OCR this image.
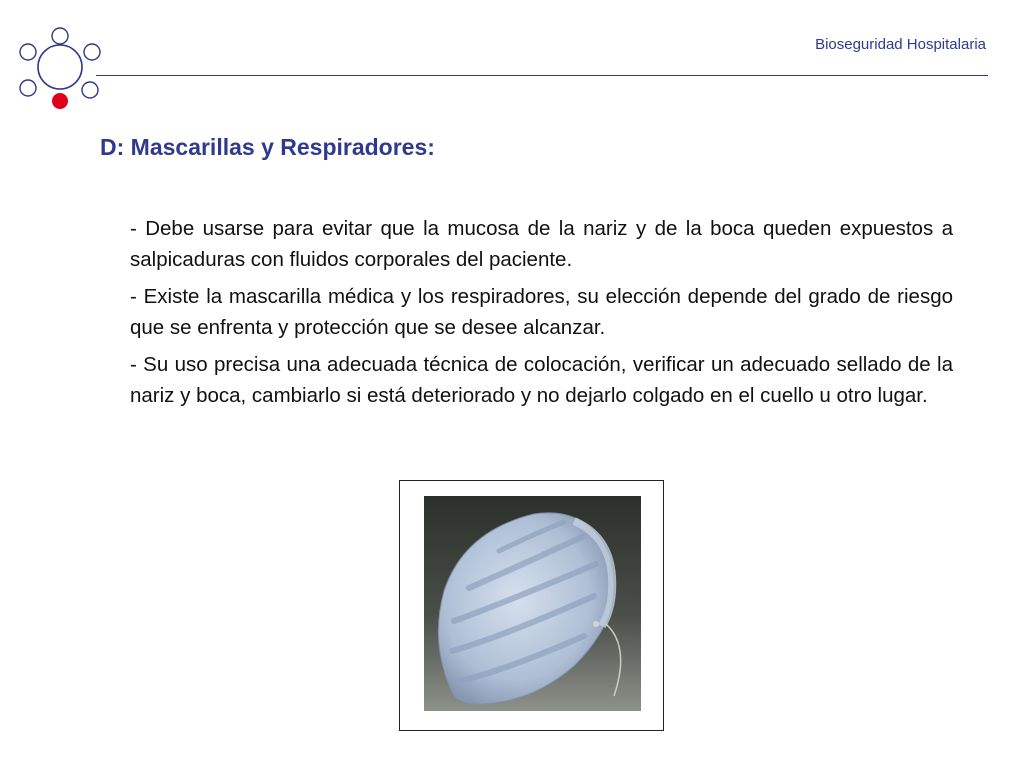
Bioseguridad Hospitalaria
D: Mascarillas y Respiradores:

- Debe usarse para evitar que la mucosa de la nariz y de la boca queden expuestos a salpicaduras con fluidos corporales del paciente.

- Existe la mascarilla médica y los respiradores, su elección depende del grado de riesgo que se enfrenta y protección que se desee alcanzar.

- Su uso precisa una adecuada técnica de colocación, verificar un adecuado sellado de la nariz y boca, cambiarlo si está deteriorado y no dejarlo colgado en el cuello u otro lugar.
